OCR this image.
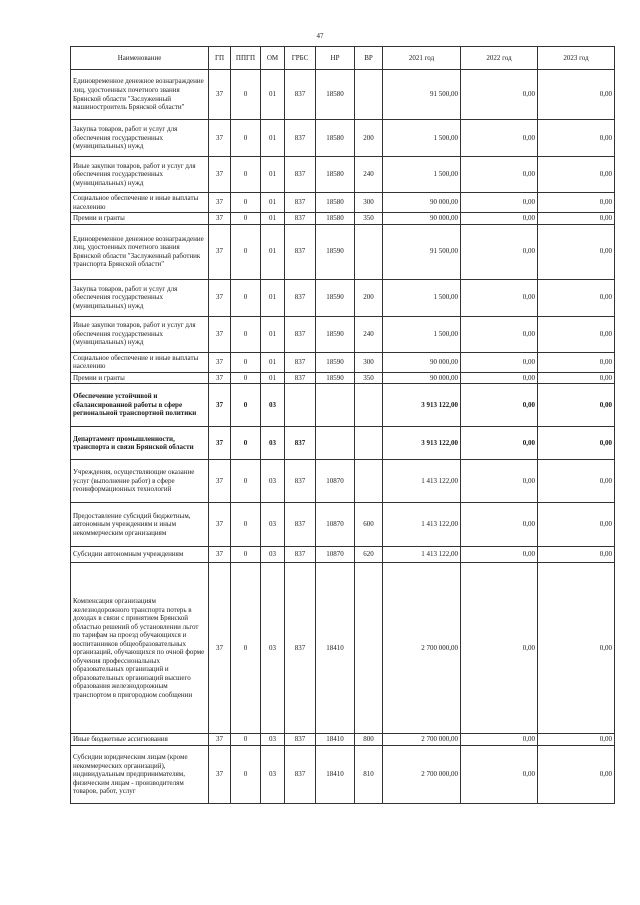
47
Наименование	ГП	ППГП	ОМ	ГРБС	НР	ВР	2021 год	2022 год	2023 год
Единовременное денежное вознаграждение лиц, удостоенных почетного звания Брянской области "Заслуженный машиностроитель Брянской области"	37	0	01	837	18580		91 500,00	0,00	0,00
Закупка товаров, работ и услуг для обеспечения государственных (муниципальных) нужд	37	0	01	837	18580	200	1 500,00	0,00	0,00
Иные закупки товаров, работ и услуг для обеспечения государственных (муниципальных) нужд	37	0	01	837	18580	240	1 500,00	0,00	0,00
Социальное обеспечение и иные выплаты населению	37	0	01	837	18580	300	90 000,00	0,00	0,00
Премии и гранты	37	0	01	837	18580	350	90 000,00	0,00	0,00
Единовременное денежное вознаграждение лиц, удостоенных почетного звания Брянской области "Заслуженный работник транспорта Брянской области"	37	0	01	837	18590		91 500,00	0,00	0,00
Закупка товаров, работ и услуг для обеспечения государственных (муниципальных) нужд	37	0	01	837	18590	200	1 500,00	0,00	0,00
Иные закупки товаров, работ и услуг для обеспечения государственных (муниципальных) нужд	37	0	01	837	18590	240	1 500,00	0,00	0,00
Социальное обеспечение и иные выплаты населению	37	0	01	837	18590	300	90 000,00	0,00	0,00
Премии и гранты	37	0	01	837	18590	350	90 000,00	0,00	0,00
Обеспечение устойчивой и сбалансированной работы в сфере региональной транспортной политики	37	0	03				3 913 122,00	0,00	0,00
Департамент промышленности, транспорта и связи Брянской области	37	0	03	837			3 913 122,00	0,00	0,00
Учреждения, осуществляющие оказание услуг (выполнение работ) в сфере геоинформационных технологий	37	0	03	837	10870		1 413 122,00	0,00	0,00
Предоставление субсидий бюджетным, автономным учреждениям и иным некоммерческим организациям	37	0	03	837	10870	600	1 413 122,00	0,00	0,00
Субсидии автономным учреждениям	37	0	03	837	10870	620	1 413 122,00	0,00	0,00
Компенсация организациям железнодорожного транспорта потерь в доходах в связи с принятием Брянской областью решений об установлении льгот по тарифам на проезд обучающихся и воспитанников общеобразовательных организаций, обучающихся по очной форме обучения профессиональных образовательных организаций и образовательных организаций высшего образования железнодорожным транспортом в пригородном сообщении	37	0	03	837	18410		2 700 000,00	0,00	0,00
Иные бюджетные ассигнования	37	0	03	837	18410	800	2 700 000,00	0,00	0,00
Субсидии юридическим лицам (кроме некоммерческих организаций), индивидуальным предпринимателям, физическим лицам - производителям товаров, работ, услуг	37	0	03	837	18410	810	2 700 000,00	0,00	0,00
